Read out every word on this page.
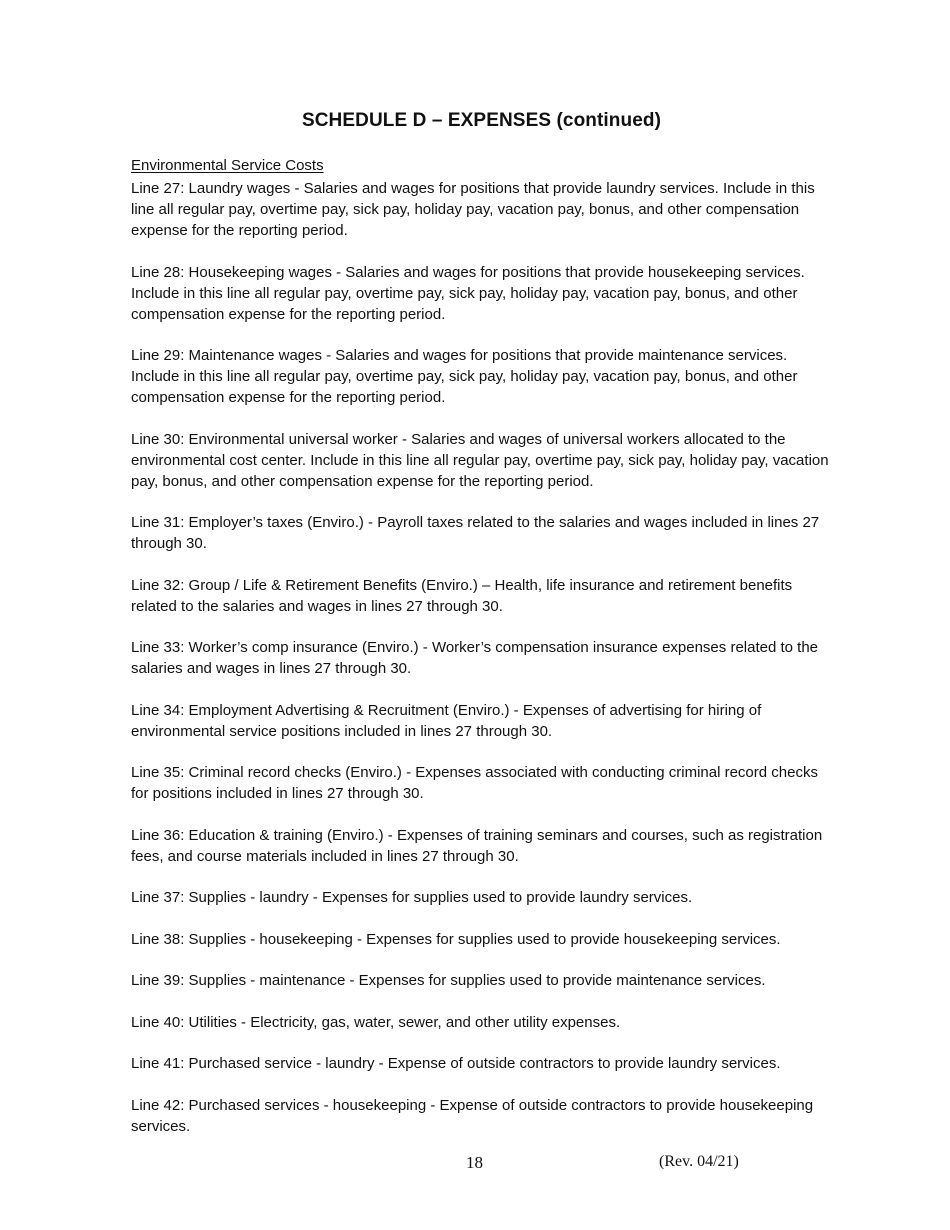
SCHEDULE D – EXPENSES (continued)
Environmental Service Costs

Line 27: Laundry wages - Salaries and wages for positions that provide laundry services. Include in this line all regular pay, overtime pay, sick pay, holiday pay, vacation pay, bonus, and other compensation expense for the reporting period.

Line 28: Housekeeping wages - Salaries and wages for positions that provide housekeeping services. Include in this line all regular pay, overtime pay, sick pay, holiday pay, vacation pay, bonus, and other compensation expense for the reporting period.

Line 29: Maintenance wages - Salaries and wages for positions that provide maintenance services. Include in this line all regular pay, overtime pay, sick pay, holiday pay, vacation pay, bonus, and other compensation expense for the reporting period.

Line 30: Environmental universal worker - Salaries and wages of universal workers allocated to the environmental cost center. Include in this line all regular pay, overtime pay, sick pay, holiday pay, vacation pay, bonus, and other compensation expense for the reporting period.

Line 31: Employer’s taxes (Enviro.) - Payroll taxes related to the salaries and wages included in lines 27 through 30.

Line 32: Group / Life & Retirement Benefits (Enviro.) – Health, life insurance and retirement benefits related to the salaries and wages in lines 27 through 30.

Line 33: Worker’s comp insurance (Enviro.) - Worker’s compensation insurance expenses related to the salaries and wages in lines 27 through 30.

Line 34: Employment Advertising & Recruitment (Enviro.) - Expenses of advertising for hiring of environmental service positions included in lines 27 through 30.

Line 35: Criminal record checks (Enviro.) - Expenses associated with conducting criminal record checks for positions included in lines 27 through 30.

Line 36: Education & training (Enviro.) - Expenses of training seminars and courses, such as registration fees, and course materials included in lines 27 through 30.

Line 37: Supplies - laundry - Expenses for supplies used to provide laundry services.

Line 38: Supplies - housekeeping - Expenses for supplies used to provide housekeeping services.

Line 39: Supplies - maintenance - Expenses for supplies used to provide maintenance services.

Line 40: Utilities - Electricity, gas, water, sewer, and other utility expenses.

Line 41: Purchased service - laundry - Expense of outside contractors to provide laundry services.

Line 42: Purchased services - housekeeping - Expense of outside contractors to provide housekeeping services.

18	(Rev. 04/21)
